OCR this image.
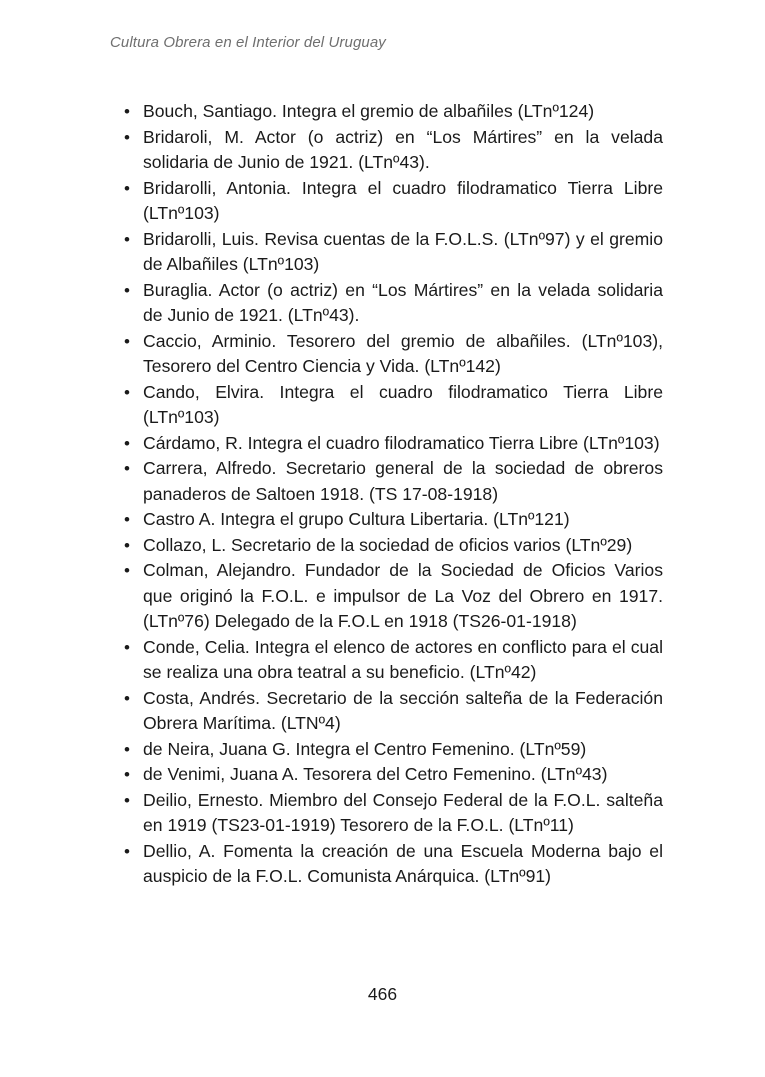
Cultura Obrera en el Interior del Uruguay
• Bouch, Santiago. Integra el gremio de albañiles (LTnº124)
• Bridaroli, M. Actor (o actriz) en “Los Mártires” en la velada solidaria de Junio de 1921. (LTnº43).
• Bridarolli, Antonia. Integra el cuadro filodramatico Tierra Libre (LTnº103)
• Bridarolli, Luis. Revisa cuentas de la F.O.L.S. (LTnº97) y el gremio de Albañiles (LTnº103)
• Buraglia. Actor (o actriz) en “Los Mártires” en la velada solidaria de Junio de 1921. (LTnº43).
• Caccio, Arminio. Tesorero del gremio de albañiles. (LTnº103), Tesorero del Centro Ciencia y Vida. (LTnº142)
• Cando, Elvira. Integra el cuadro filodramatico Tierra Libre (LTnº103)
• Cárdamo, R. Integra el cuadro filodramatico Tierra Libre (LTnº103)
• Carrera, Alfredo. Secretario general de la sociedad de obreros panaderos de Saltoen 1918. (TS 17-08-1918)
• Castro A. Integra el grupo Cultura Libertaria. (LTnº121)
• Collazo, L. Secretario de la sociedad de oficios varios (LTnº29)
• Colman, Alejandro. Fundador de la Sociedad de Oficios Varios que originó la F.O.L. e impulsor de La Voz del Obrero en 1917. (LTnº76) Delegado de la F.O.L en 1918 (TS26-01-1918)
• Conde, Celia. Integra el elenco de actores en conflicto para el cual se realiza una obra teatral a su beneficio. (LTnº42)
• Costa, Andrés. Secretario de la sección salteña de la Federación Obrera Marítima. (LTNº4)
• de Neira, Juana G. Integra el Centro Femenino. (LTnº59)
• de Venimi, Juana A. Tesorera del Cetro Femenino. (LTnº43)
• Deilio, Ernesto. Miembro del Consejo Federal de la F.O.L. salteña en 1919 (TS23-01-1919) Tesorero de la F.O.L. (LTnº11)
• Dellio, A. Fomenta la creación de una Escuela Moderna bajo el auspicio de la F.O.L. Comunista Anárquica. (LTnº91)
466
